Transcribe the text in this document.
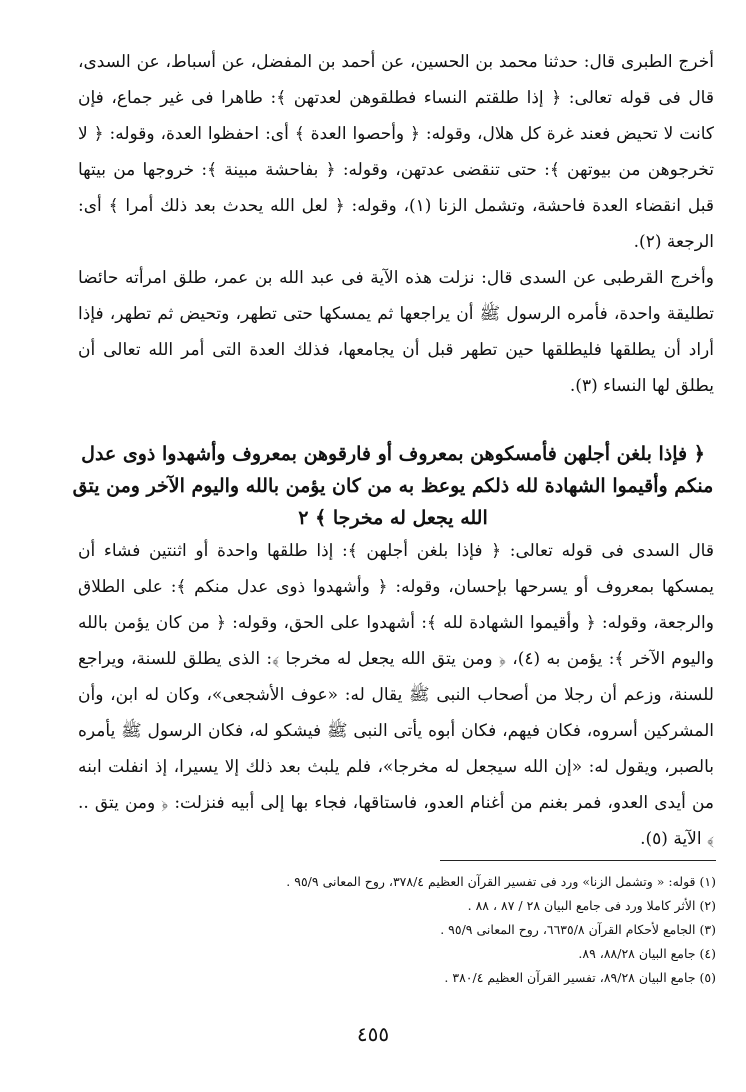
أخرج الطبرى قال: حدثنا محمد بن الحسين، عن أحمد بن المفضل، عن أسباط، عن السدى، قال فى قوله تعالى: ﴿ إذا طلقتم النساء فطلقوهن لعدتهن ﴾: طاهرا فى غير جماع، فإن كانت لا تحيض فعند غرة كل هلال، وقوله: ﴿ وأحصوا العدة ﴾ أى: احفظوا العدة، وقوله: ﴿ لا تخرجوهن من بيوتهن ﴾: حتى تنقضى عدتهن، وقوله: ﴿ بفاحشة مبينة ﴾: خروجها من بيتها قبل انقضاء العدة فاحشة، وتشمل الزنا (١)، وقوله: ﴿ لعل الله يحدث بعد ذلك أمرا ﴾ أى: الرجعة (٢).

وأخرج القرطبى عن السدى قال: نزلت هذه الآية فى عبد الله بن عمر، طلق امرأته حائضا تطليقة واحدة، فأمره الرسول ﷺ أن يراجعها ثم يمسكها حتى تطهر، وتحيض ثم تطهر، فإذا أراد أن يطلقها فليطلقها حين تطهر قبل أن يجامعها، فذلك العدة التى أمر الله تعالى أن يطلق لها النساء (٣).

﴿ فإذا بلغن أجلهن فأمسكوهن بمعروف أو فارقوهن بمعروف وأشهدوا ذوى عدل منكم وأقيموا الشهادة لله ذلكم يوعظ به من كان يؤمن بالله واليوم الآخر ومن يتق الله يجعل له مخرجا ﴾ ٢

قال السدى فى قوله تعالى: ﴿ فإذا بلغن أجلهن ﴾: إذا طلقها واحدة أو اثنتين فشاء أن يمسكها بمعروف أو يسرحها بإحسان، وقوله: ﴿ وأشهدوا ذوى عدل منكم ﴾: على الطلاق والرجعة، وقوله: ﴿ وأقيموا الشهادة لله ﴾: أشهدوا على الحق، وقوله: ﴿ من كان يؤمن بالله واليوم الآخر ﴾: يؤمن به (٤)، ﴿ ومن يتق الله يجعل له مخرجا ﴾: الذى يطلق للسنة، ويراجع للسنة، وزعم أن رجلا من أصحاب النبى ﷺ يقال له: «عوف الأشجعى»، وكان له ابن، وأن المشركين أسروه، فكان فيهم، فكان أبوه يأتى النبى ﷺ فيشكو له، فكان الرسول ﷺ يأمره بالصبر، ويقول له: «إن الله سيجعل له مخرجا»، فلم يلبث بعد ذلك إلا يسيرا، إذ انفلت ابنه من أيدى العدو، فمر بغنم من أغنام العدو، فاستاقها، فجاء بها إلى أبيه فنزلت: ﴿ ومن يتق .. ﴾ الآية (٥).

(١) قوله: « وتشمل الزنا» ورد فى تفسير القرآن العظيم ٣٧٨/٤، روح المعانى ٩٥/٩ .
(٢) الأثر كاملا ورد فى جامع البيان ٢٨ / ٨٧ ، ٨٨ .
(٣) الجامع لأحكام القرآن ٦٦٣٥/٨، روح المعانى ٩٥/٩ .
(٤) جامع البيان ٨٨/٢٨، ٨٩.
(٥) جامع البيان ٨٩/٢٨، تفسير القرآن العظيم ٣٨٠/٤ .
٤٥٥
